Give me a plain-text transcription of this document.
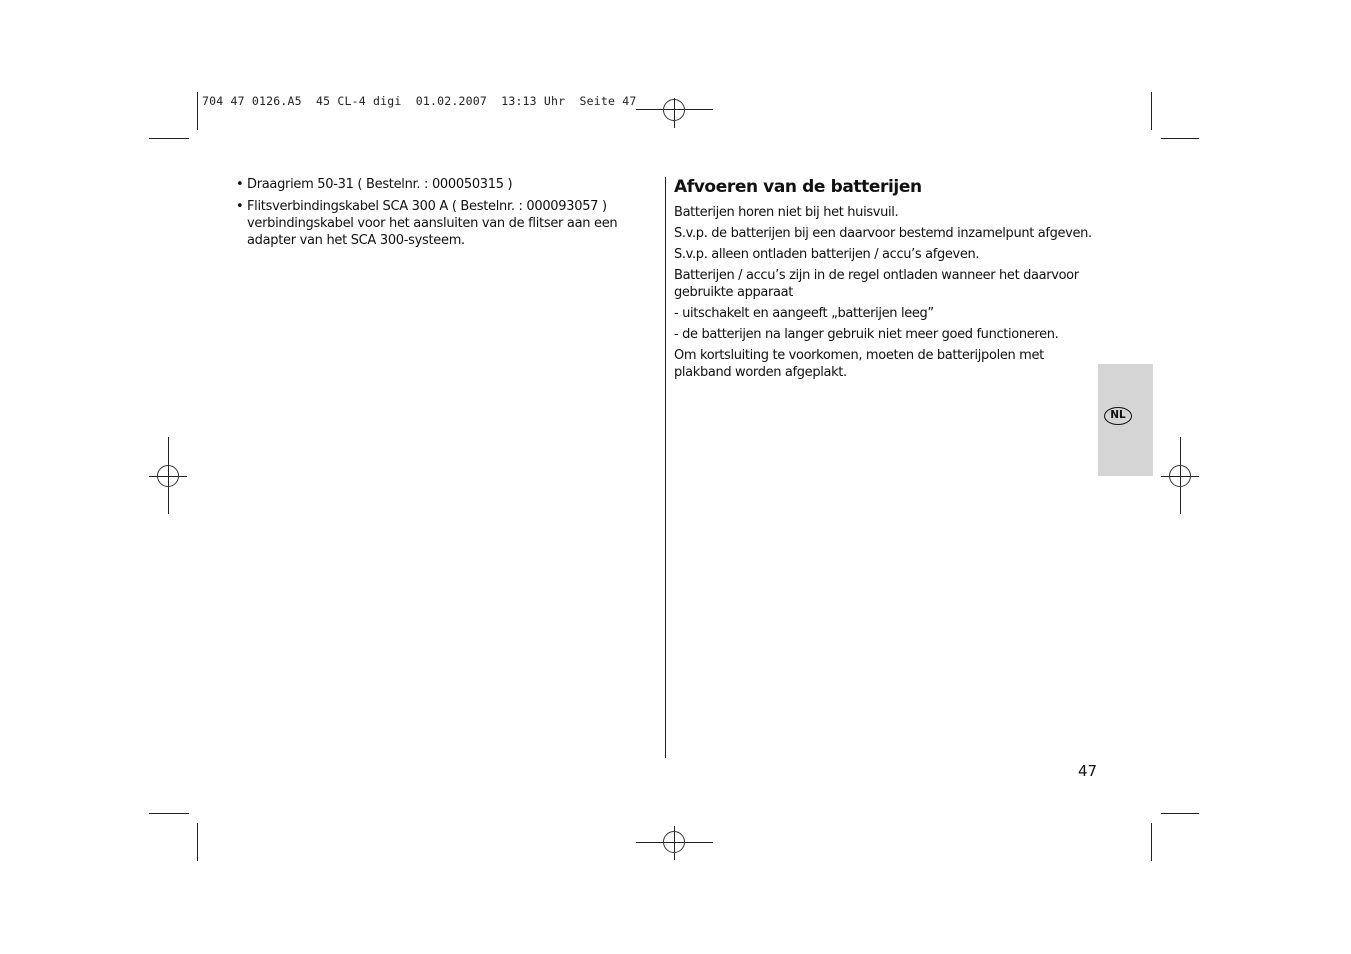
704 47 0126.A5  45 CL-4 digi  01.02.2007  13:13 Uhr  Seite 47
• Draagriem 50-31 ( Bestelnr. : 000050315 )
• Flitsverbindingskabel SCA 300 A ( Bestelnr. : 000093057 ) verbindingskabel voor het aansluiten van de flitser aan een adapter van het SCA 300-systeem.
Afvoeren van de batterijen

Batterijen horen niet bij het huisvuil.

S.v.p. de batterijen bij een daarvoor bestemd inzamelpunt afgeven.

S.v.p. alleen ontladen batterijen / accu’s afgeven.

Batterijen / accu’s zijn in de regel ontladen wanneer het daarvoor gebruikte apparaat

- uitschakelt en aangeeft „batterijen leeg”

- de batterijen na langer gebruik niet meer goed functioneren.

Om kortsluiting te voorkomen, moeten de batterijpolen met plakband worden afgeplakt.

NL
47
